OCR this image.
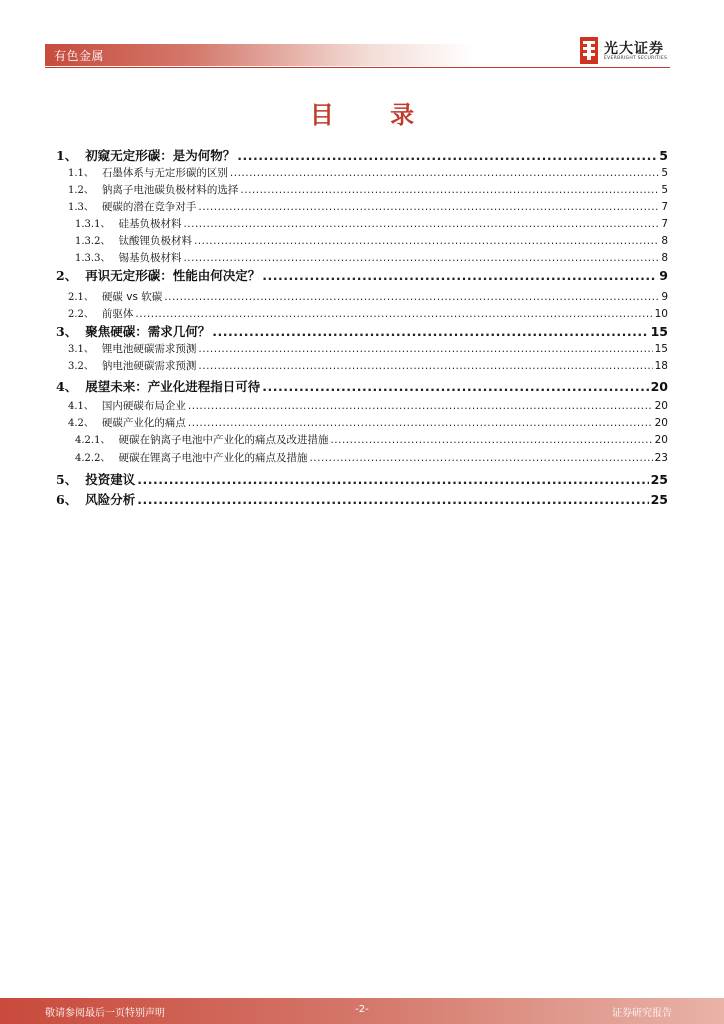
有色金属	光大证券
EVERBRIGHT SECURITIES
目 录
1、 初窥无定形碳：是为何物？ .....	5
1.1、 石墨体系与无定形碳的区别 .....	5
1.2、 钠离子电池碳负极材料的选择 .....	5
1.3、 硬碳的潜在竞争对手 .....	7
1.3.1、 硅基负极材料 .....	7
1.3.2、 钛酸锂负极材料 .....	8
1.3.3、 锡基负极材料 .....	8
2、 再识无定形碳：性能由何决定？ .....	9
2.1、 硬碳 vs 软碳 .....	9
2.2、 前驱体 .....	10
3、 聚焦硬碳：需求几何？ .....	15
3.1、 锂电池硬碳需求预测 .....	15
3.2、 钠电池硬碳需求预测 .....	18
4、 展望未来：产业化进程指日可待 .....	20
4.1、 国内硬碳布局企业 .....	20
4.2、 硬碳产业化的痛点 .....	20
4.2.1、 硬碳在钠离子电池中产业化的痛点及改进措施 .....	20
4.2.2、 硬碳在锂离子电池中产业化的痛点及措施 .....	23
5、 投资建议 .....	25
6、 风险分析 .....	25
敬请参阅最后一页特别声明	-2-	证券研究报告
